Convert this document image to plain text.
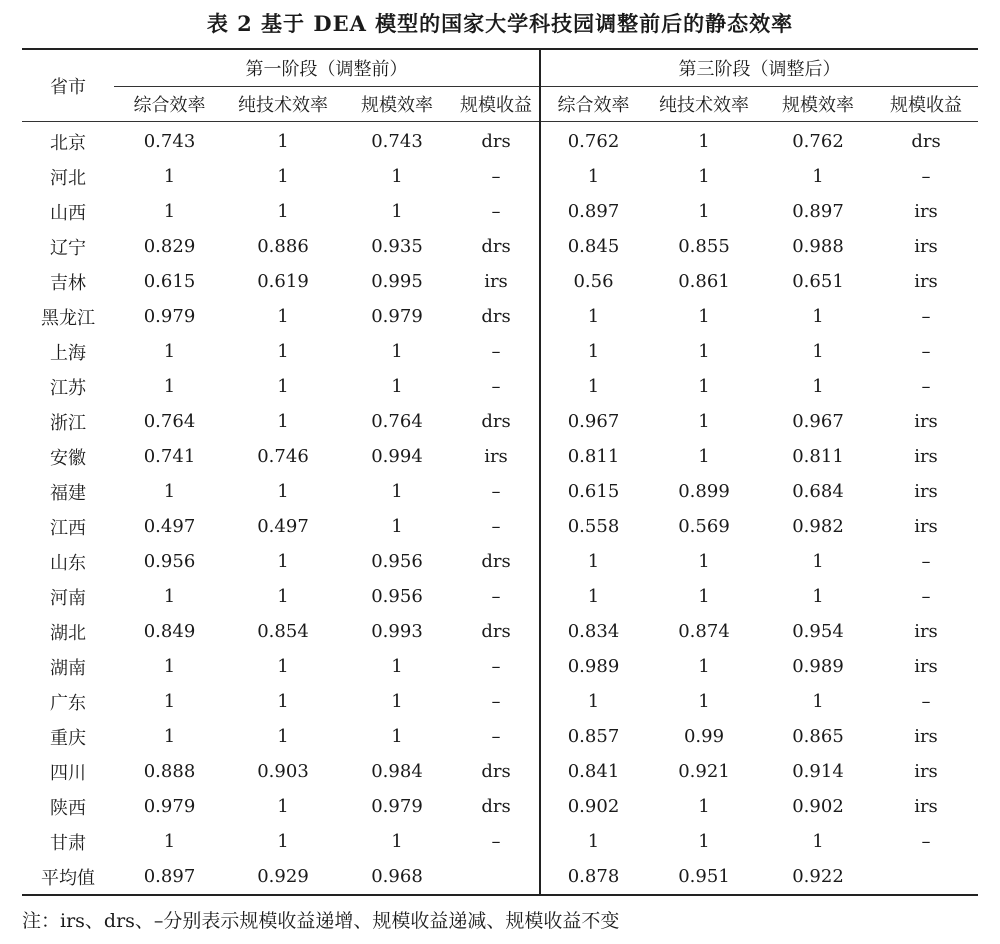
表 2 基于 DEA 模型的国家大学科技园调整前后的静态效率
省市	第一阶段（调整前）				第三阶段（调整后）			
	综合效率	纯技术效率	规模效率	规模收益	综合效率	纯技术效率	规模效率	规模收益
北京	0.743	1	0.743	drs	0.762	1	0.762	drs
河北	1	1	1	–	1	1	1	–
山西	1	1	1	–	0.897	1	0.897	irs
辽宁	0.829	0.886	0.935	drs	0.845	0.855	0.988	irs
吉林	0.615	0.619	0.995	irs	0.56	0.861	0.651	irs
黑龙江	0.979	1	0.979	drs	1	1	1	–
上海	1	1	1	–	1	1	1	–
江苏	1	1	1	–	1	1	1	–
浙江	0.764	1	0.764	drs	0.967	1	0.967	irs
安徽	0.741	0.746	0.994	irs	0.811	1	0.811	irs
福建	1	1	1	–	0.615	0.899	0.684	irs
江西	0.497	0.497	1	–	0.558	0.569	0.982	irs
山东	0.956	1	0.956	drs	1	1	1	–
河南	1	1	0.956	–	1	1	1	–
湖北	0.849	0.854	0.993	drs	0.834	0.874	0.954	irs
湖南	1	1	1	–	0.989	1	0.989	irs
广东	1	1	1	–	1	1	1	–
重庆	1	1	1	–	0.857	0.99	0.865	irs
四川	0.888	0.903	0.984	drs	0.841	0.921	0.914	irs
陕西	0.979	1	0.979	drs	0.902	1	0.902	irs
甘肃	1	1	1	–	1	1	1	–
平均值	0.897	0.929	0.968		0.878	0.951	0.922	
注：irs、drs、–分别表示规模收益递增、规模收益递减、规模收益不变
